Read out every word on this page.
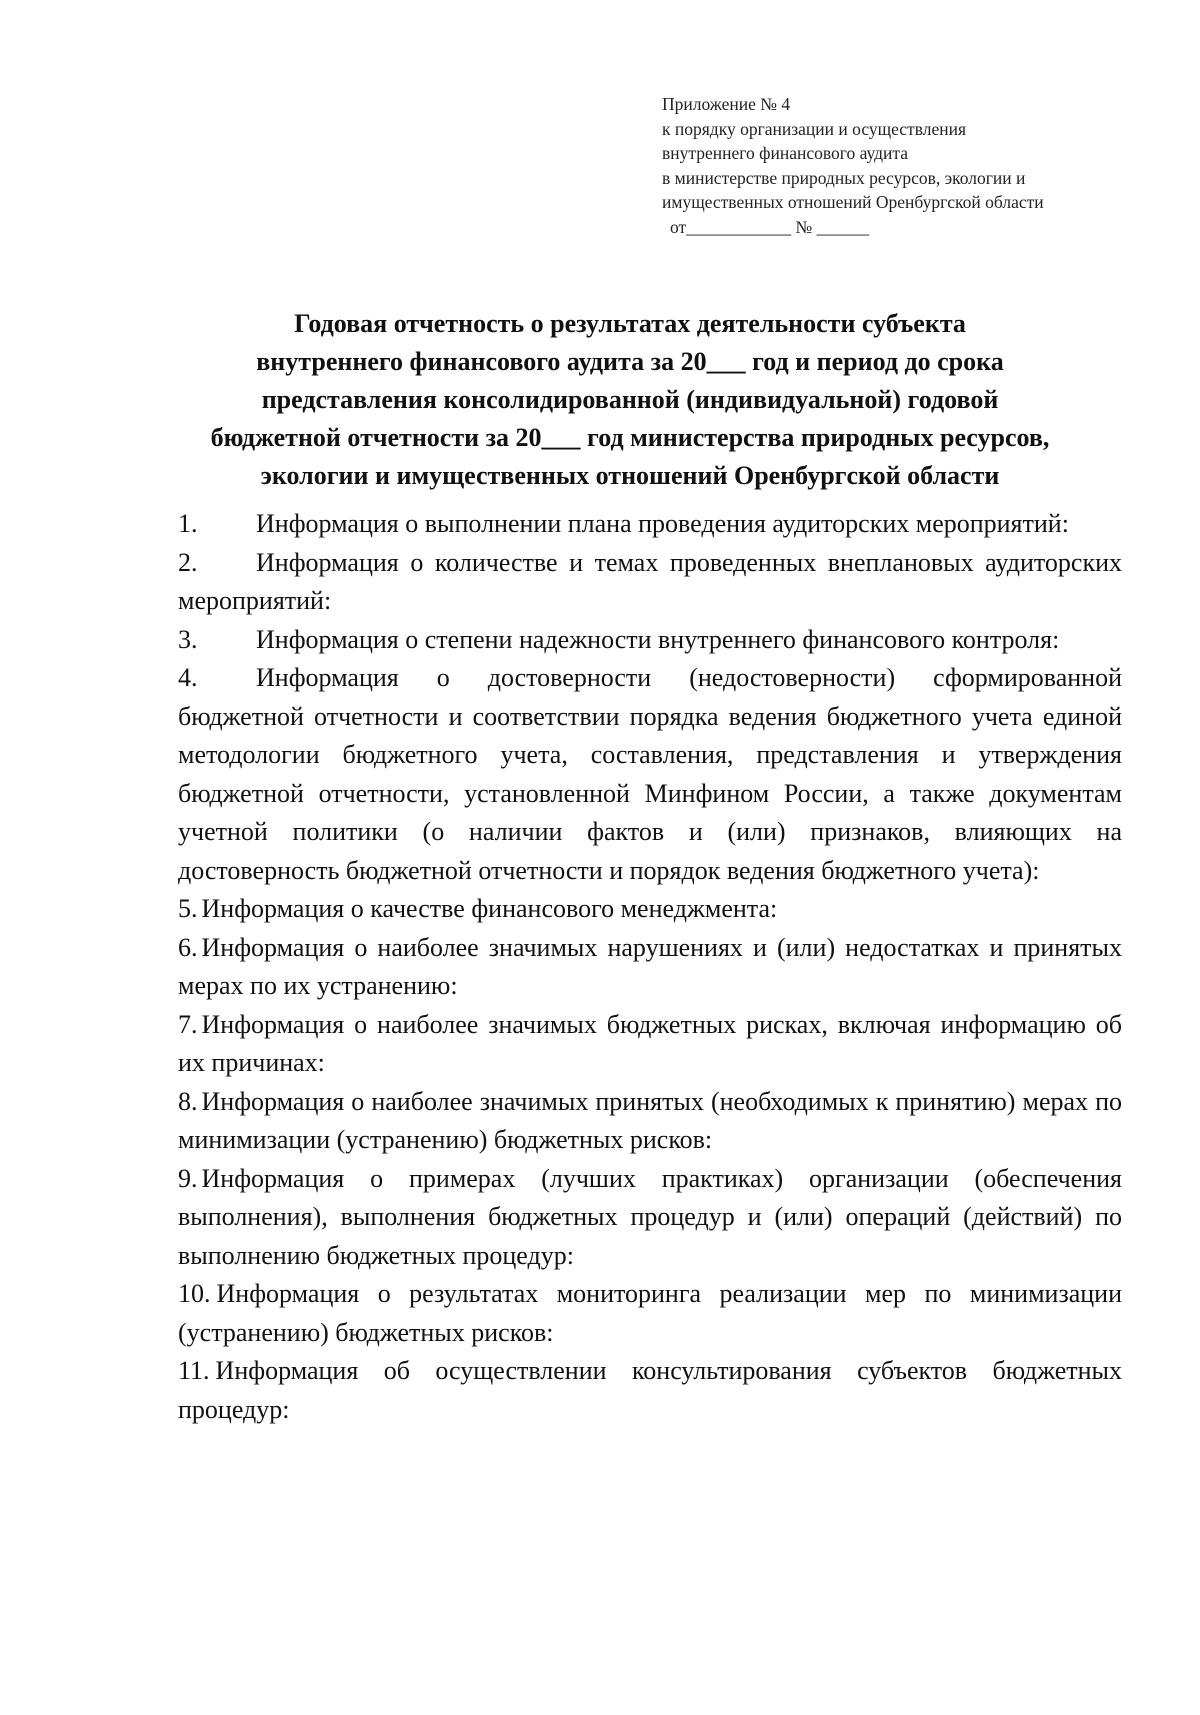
Приложение № 4
к порядку организации и осуществления
внутреннего финансового аудита
в министерстве природных ресурсов, экологии и
имущественных отношений Оренбургской области
от____________ № ______
Годовая отчетность о результатах деятельности субъекта
внутреннего финансового аудита за 20___ год и период до срока
представления консолидированной (индивидуальной) годовой
бюджетной отчетности за 20___ год министерства природных ресурсов,
экологии и имущественных отношений Оренбургской области
1. Информация о выполнении плана проведения аудиторских мероприятий:
2. Информация о количестве и темах проведенных внеплановых аудиторских мероприятий:
3. Информация о степени надежности внутреннего финансового контроля:
4. Информация о достоверности (недостоверности) сформированной бюджетной отчетности и соответствии порядка ведения бюджетного учета единой методологии бюджетного учета, составления, представления и утверждения бюджетной отчетности, установленной Минфином России, а также документам учетной политики (о наличии фактов и (или) признаков, влияющих на достоверность бюджетной отчетности и порядок ведения бюджетного учета):
5. Информация о качестве финансового менеджмента:
6. Информация о наиболее значимых нарушениях и (или) недостатках и принятых мерах по их устранению:
7. Информация о наиболее значимых бюджетных рисках, включая информацию об их причинах:
8. Информация о наиболее значимых принятых (необходимых к принятию) мерах по минимизации (устранению) бюджетных рисков:
9. Информация о примерах (лучших практиках) организации (обеспечения выполнения), выполнения бюджетных процедур и (или) операций (действий) по выполнению бюджетных процедур:
10. Информация о результатах мониторинга реализации мер по минимизации (устранению) бюджетных рисков:
11. Информация об осуществлении консультирования субъектов бюджетных процедур:
